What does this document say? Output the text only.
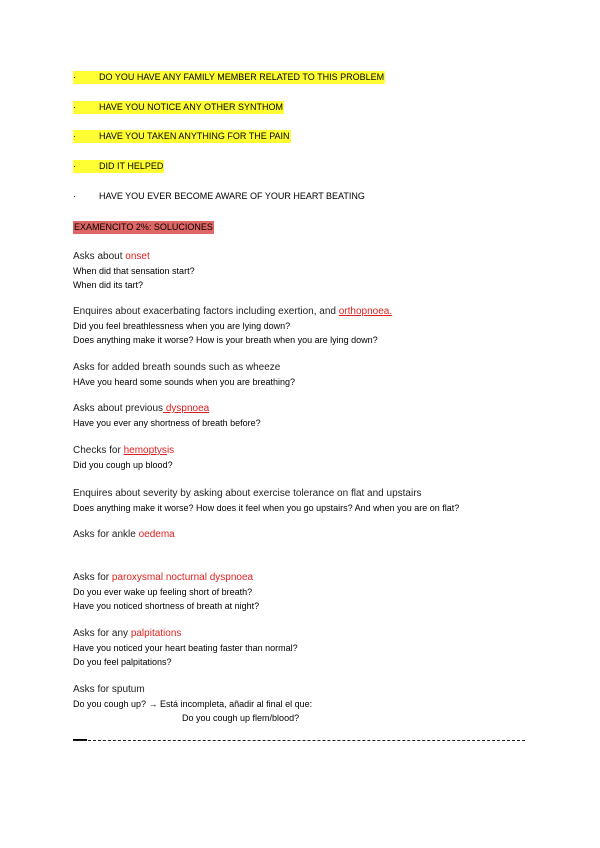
·	DO YOU HAVE ANY FAMILY MEMBER RELATED TO THIS PROBLEM
·	HAVE YOU NOTICE ANY OTHER SYNTHOM
·	HAVE YOU TAKEN ANYTHING FOR THE PAIN
·	DID IT HELPED
·	HAVE YOU EVER BECOME AWARE OF YOUR HEART BEATING
EXAMENCITO 2%: SOLUCIONES
Asks about onset
When did that sensation start?
When did its tart?
Enquires about exacerbating factors including exertion, and orthopnoea.
Did you feel breathlessness when you are lying down?
Does anything make it worse? How is your breath when you are lying down?
Asks for added breath sounds such as wheeze
HAve you heard some sounds when you are breathing?
Asks about previous dyspnoea
Have you ever any shortness of breath before?
Checks for hemoptysis
Did you cough up blood?
Enquires about severity by asking about exercise tolerance on flat and upstairs
Does anything make it worse? How does it feel when you go upstairs? And when you are on flat?
Asks for ankle oedema
Asks for paroxysmal nocturnal dyspnoea
Do you ever wake up feeling short of breath?
Have you noticed shortness of breath at night?
Asks for any palpitations
Have you noticed your heart beating faster than normal?
Do you feel palpitations?
Asks for sputum
Do you cough up? → Está incompleta, añadir al final el que:
Do you cough up flem/blood?
